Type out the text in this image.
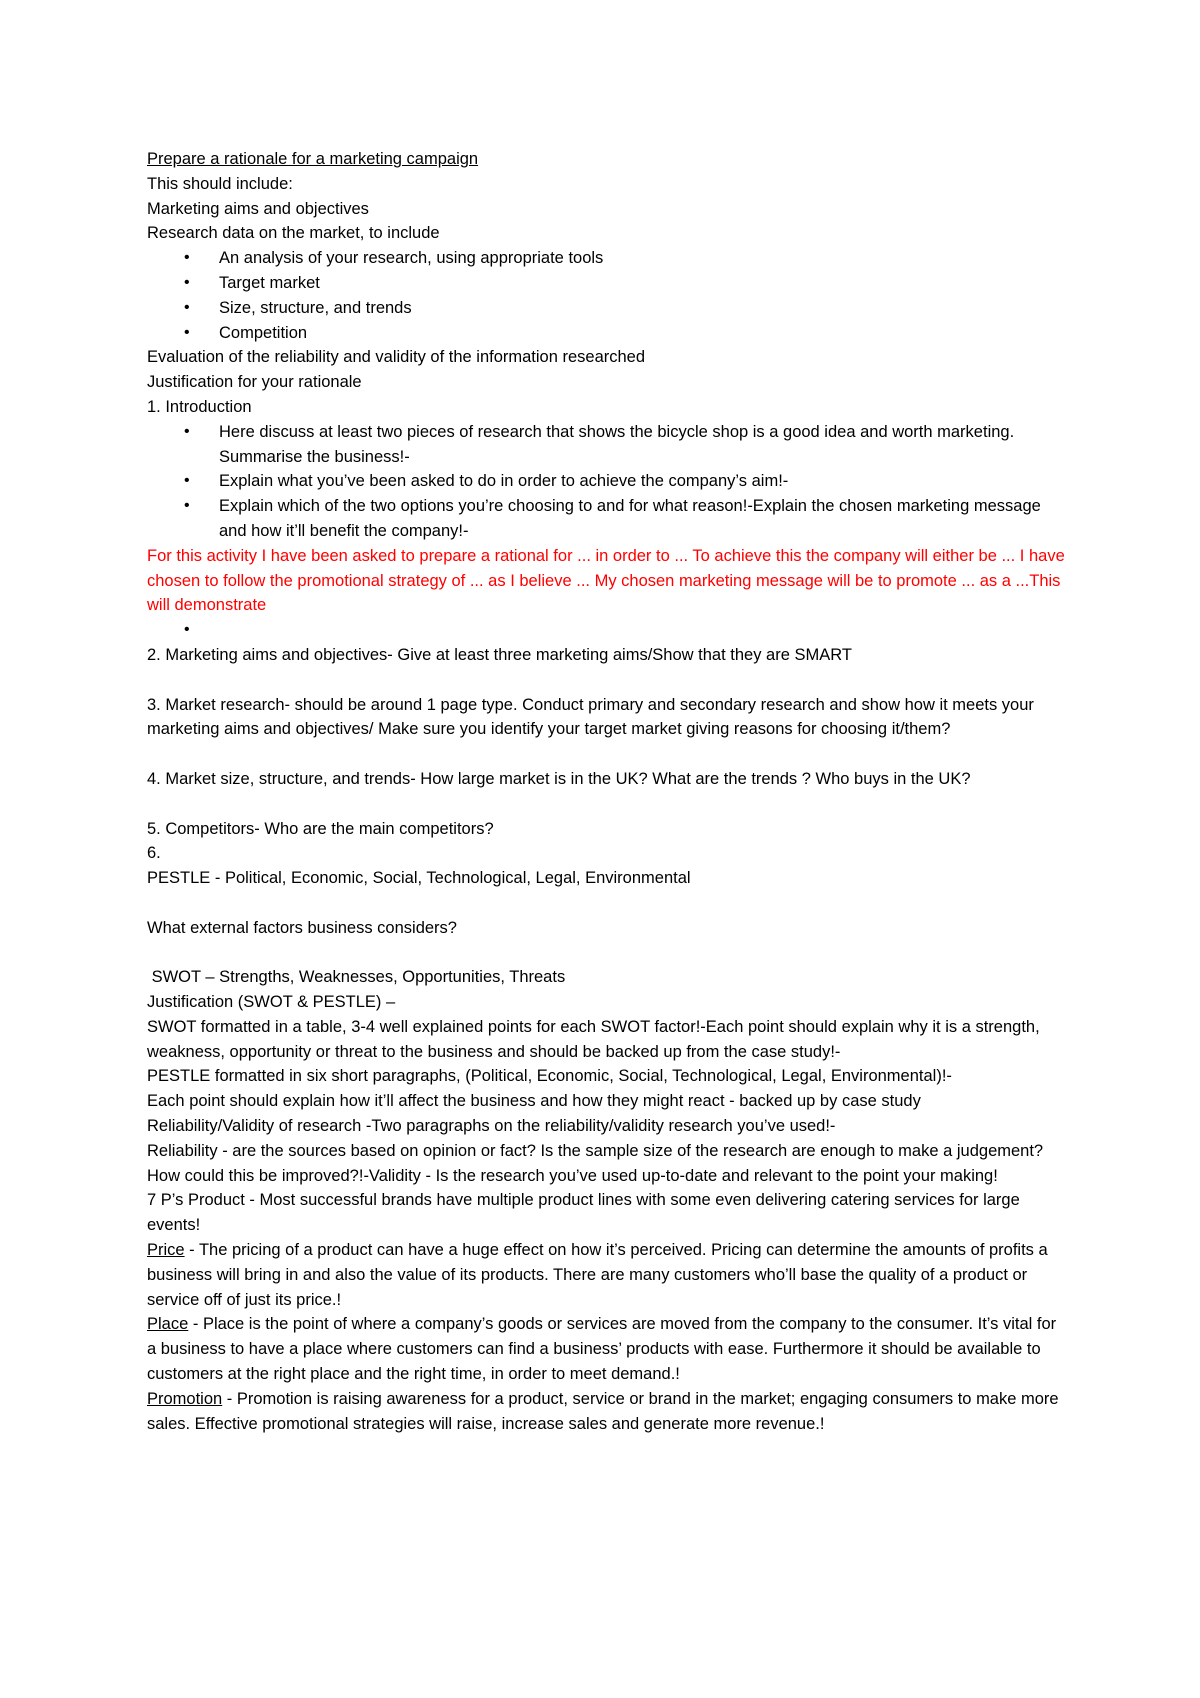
Prepare a rationale for a marketing campaign

This should include:

Marketing aims and objectives

Research data on the market, to include

• An analysis of your research, using appropriate tools
• Target market
• Size, structure, and trends
• Competition

Evaluation of the reliability and validity of the information researched

Justification for your rationale

1. Introduction

• Here discuss at least two pieces of research that shows the bicycle shop is a good idea and worth marketing. Summarise the business!-
• Explain what you’ve been asked to do in order to achieve the company’s aim!-
• Explain which of the two options you’re choosing to and for what reason!-Explain the chosen marketing message and how it’ll benefit the company!-

For this activity I have been asked to prepare a rational for ... in order to ... To achieve this the company will either be ... I have chosen to follow the promotional strategy of ... as I believe ... My chosen marketing message will be to promote ... as a ...This will demonstrate

•

2. Marketing aims and objectives- Give at least three marketing aims/Show that they are SMART

3. Market research- should be around 1 page type. Conduct primary and secondary research and show how it meets your marketing aims and objectives/ Make sure you identify your target market giving reasons for choosing it/them?

4. Market size, structure, and trends- How large market is in the UK? What are the trends ? Who buys in the UK?

5. Competitors- Who are the main competitors?

6.

PESTLE - Political, Economic, Social, Technological, Legal, Environmental

What external factors business considers?

SWOT – Strengths, Weaknesses, Opportunities, Threats

Justification (SWOT & PESTLE) –

SWOT formatted in a table, 3-4 well explained points for each SWOT factor!-Each point should explain why it is a strength, weakness, opportunity or threat to the business and should be backed up from the case study!-

PESTLE formatted in six short paragraphs, (Political, Economic, Social, Technological, Legal, Environmental)!-

Each point should explain how it’ll affect the business and how they might react - backed up by case study

Reliability/Validity of research -Two paragraphs on the reliability/validity research you’ve used!-

Reliability - are the sources based on opinion or fact? Is the sample size of the research are enough to make a judgement? How could this be improved?!-Validity - Is the research you’ve used up-to-date and relevant to the point your making!

7 P’s Product - Most successful brands have multiple product lines with some even delivering catering services for large events!

Price - The pricing of a product can have a huge effect on how it’s perceived. Pricing can determine the amounts of profits a business will bring in and also the value of its products. There are many customers who’ll base the quality of a product or service off of just its price.!

Place - Place is the point of where a company’s goods or services are moved from the company to the consumer. It’s vital for a business to have a place where customers can find a business’ products with ease. Furthermore it should be available to customers at the right place and the right time, in order to meet demand.!

Promotion - Promotion is raising awareness for a product, service or brand in the market; engaging consumers to make more sales. Effective promotional strategies will raise, increase sales and generate more revenue.!
